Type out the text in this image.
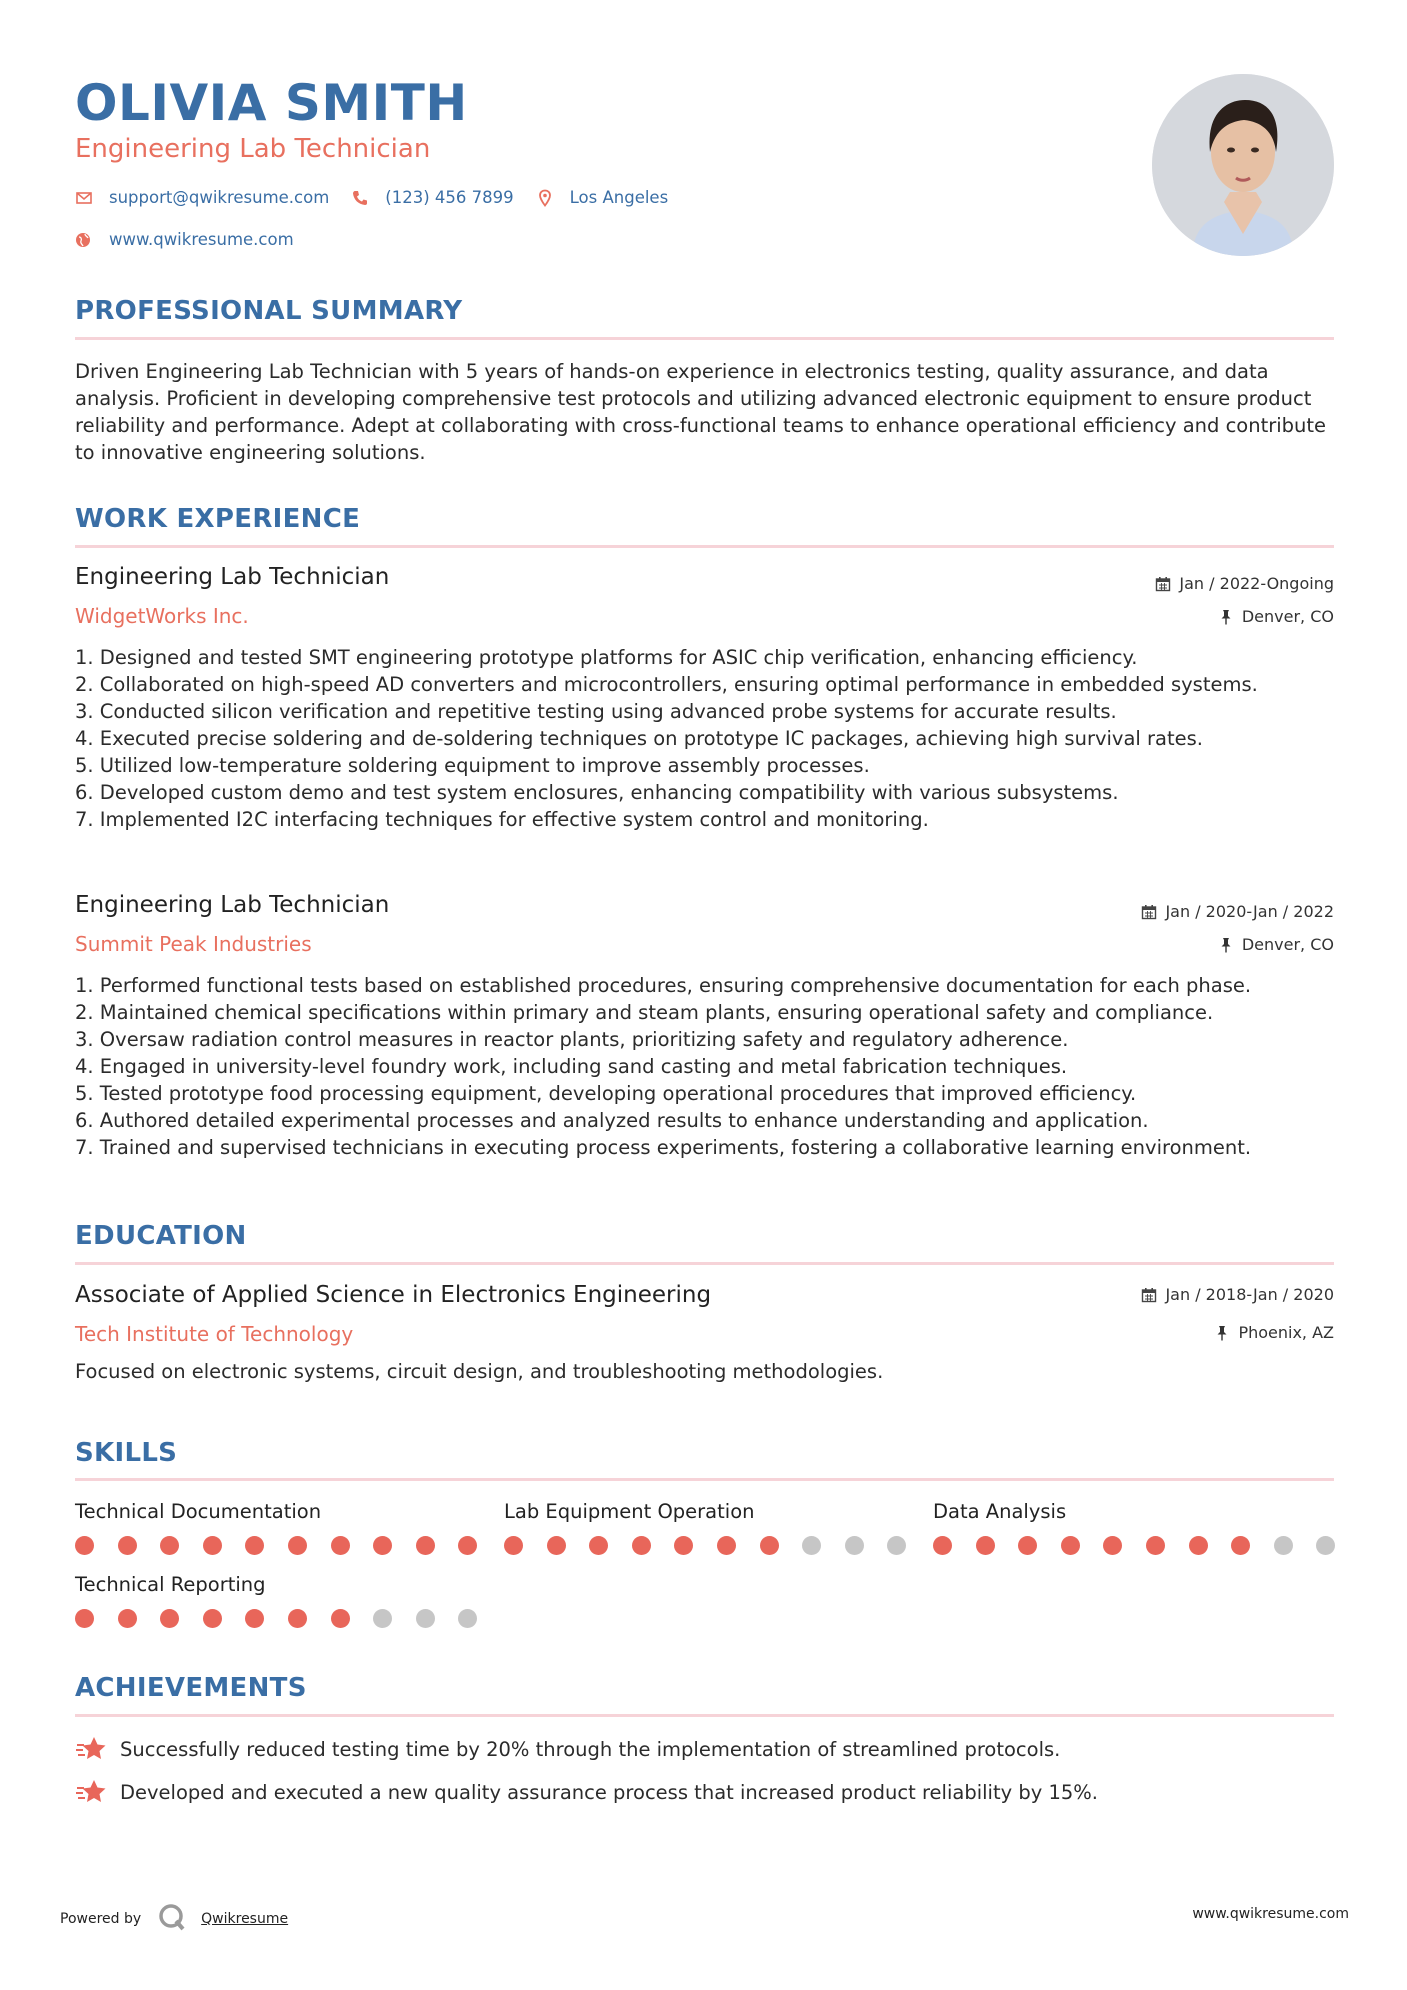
OLIVIA SMITH
Engineering Lab Technician
support@qwikresume.com	(123) 456 7899	Los Angeles
www.qwikresume.com
PROFESSIONAL SUMMARY
Driven Engineering Lab Technician with 5 years of hands-on experience in electronics testing, quality assurance, and data analysis. Proficient in developing comprehensive test protocols and utilizing advanced electronic equipment to ensure product reliability and performance. Adept at collaborating with cross-functional teams to enhance operational efficiency and contribute to innovative engineering solutions.
WORK EXPERIENCE
Engineering Lab Technician
WidgetWorks Inc.
Jan / 2022-Ongoing
Denver, CO
1. Designed and tested SMT engineering prototype platforms for ASIC chip verification, enhancing efficiency.
2. Collaborated on high-speed AD converters and microcontrollers, ensuring optimal performance in embedded systems.
3. Conducted silicon verification and repetitive testing using advanced probe systems for accurate results.
4. Executed precise soldering and de-soldering techniques on prototype IC packages, achieving high survival rates.
5. Utilized low-temperature soldering equipment to improve assembly processes.
6. Developed custom demo and test system enclosures, enhancing compatibility with various subsystems.
7. Implemented I2C interfacing techniques for effective system control and monitoring.
Engineering Lab Technician
Summit Peak Industries
Jan / 2020-Jan / 2022
Denver, CO
1. Performed functional tests based on established procedures, ensuring comprehensive documentation for each phase.
2. Maintained chemical specifications within primary and steam plants, ensuring operational safety and compliance.
3. Oversaw radiation control measures in reactor plants, prioritizing safety and regulatory adherence.
4. Engaged in university-level foundry work, including sand casting and metal fabrication techniques.
5. Tested prototype food processing equipment, developing operational procedures that improved efficiency.
6. Authored detailed experimental processes and analyzed results to enhance understanding and application.
7. Trained and supervised technicians in executing process experiments, fostering a collaborative learning environment.
EDUCATION
Associate of Applied Science in Electronics Engineering
Tech Institute of Technology
Jan / 2018-Jan / 2020
Phoenix, AZ
Focused on electronic systems, circuit design, and troubleshooting methodologies.
SKILLS
Technical Documentation	Lab Equipment Operation	Data Analysis
Technical Reporting
ACHIEVEMENTS
Successfully reduced testing time by 20% through the implementation of streamlined protocols.
Developed and executed a new quality assurance process that increased product reliability by 15%.
Powered by	Qwikresume	www.qwikresume.com
